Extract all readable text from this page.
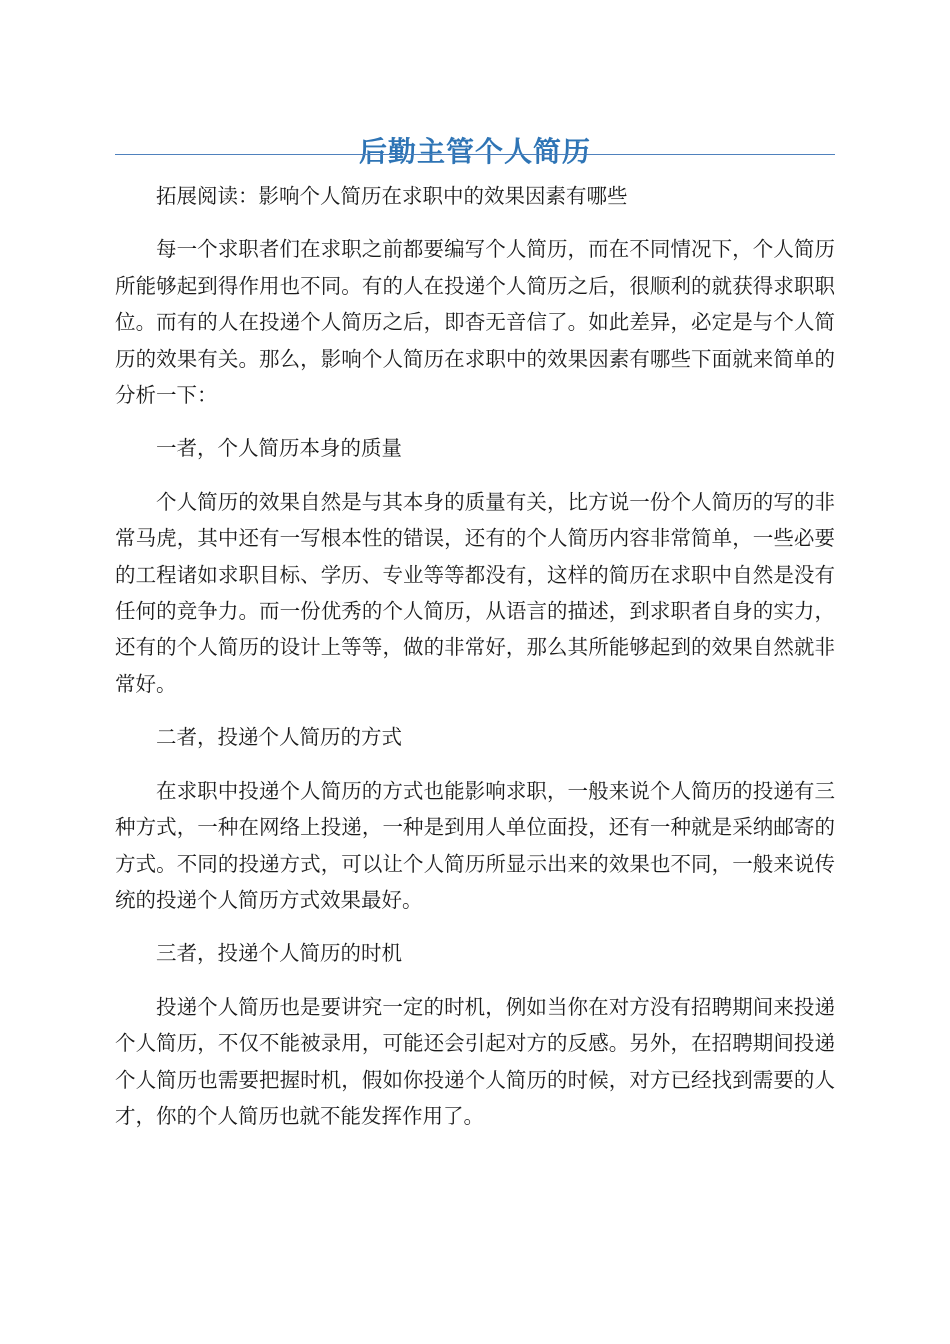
后勤主管个人简历

拓展阅读：影响个人简历在求职中的效果因素有哪些

每一个求职者们在求职之前都要编写个人简历，而在不同情况下，个人简历所能够起到得作用也不同。有的人在投递个人简历之后，很顺利的就获得求职职位。而有的人在投递个人简历之后，即杳无音信了。如此差异，必定是与个人简历的效果有关。那么，影响个人简历在求职中的效果因素有哪些下面就来简单的分析一下：

一者，个人简历本身的质量

个人简历的效果自然是与其本身的质量有关，比方说一份个人简历的写的非常马虎，其中还有一写根本性的错误，还有的个人简历内容非常简单，一些必要的工程诸如求职目标、学历、专业等等都没有，这样的简历在求职中自然是没有任何的竞争力。而一份优秀的个人简历，从语言的描述，到求职者自身的实力，还有的个人简历的设计上等等，做的非常好，那么其所能够起到的效果自然就非常好。

二者，投递个人简历的方式

在求职中投递个人简历的方式也能影响求职，一般来说个人简历的投递有三种方式，一种在网络上投递，一种是到用人单位面投，还有一种就是采纳邮寄的方式。不同的投递方式，可以让个人简历所显示出来的效果也不同，一般来说传统的投递个人简历方式效果最好。

三者，投递个人简历的时机

投递个人简历也是要讲究一定的时机，例如当你在对方没有招聘期间来投递个人简历，不仅不能被录用，可能还会引起对方的反感。另外，在招聘期间投递个人简历也需要把握时机，假如你投递个人简历的时候，对方已经找到需要的人才，你的个人简历也就不能发挥作用了。
